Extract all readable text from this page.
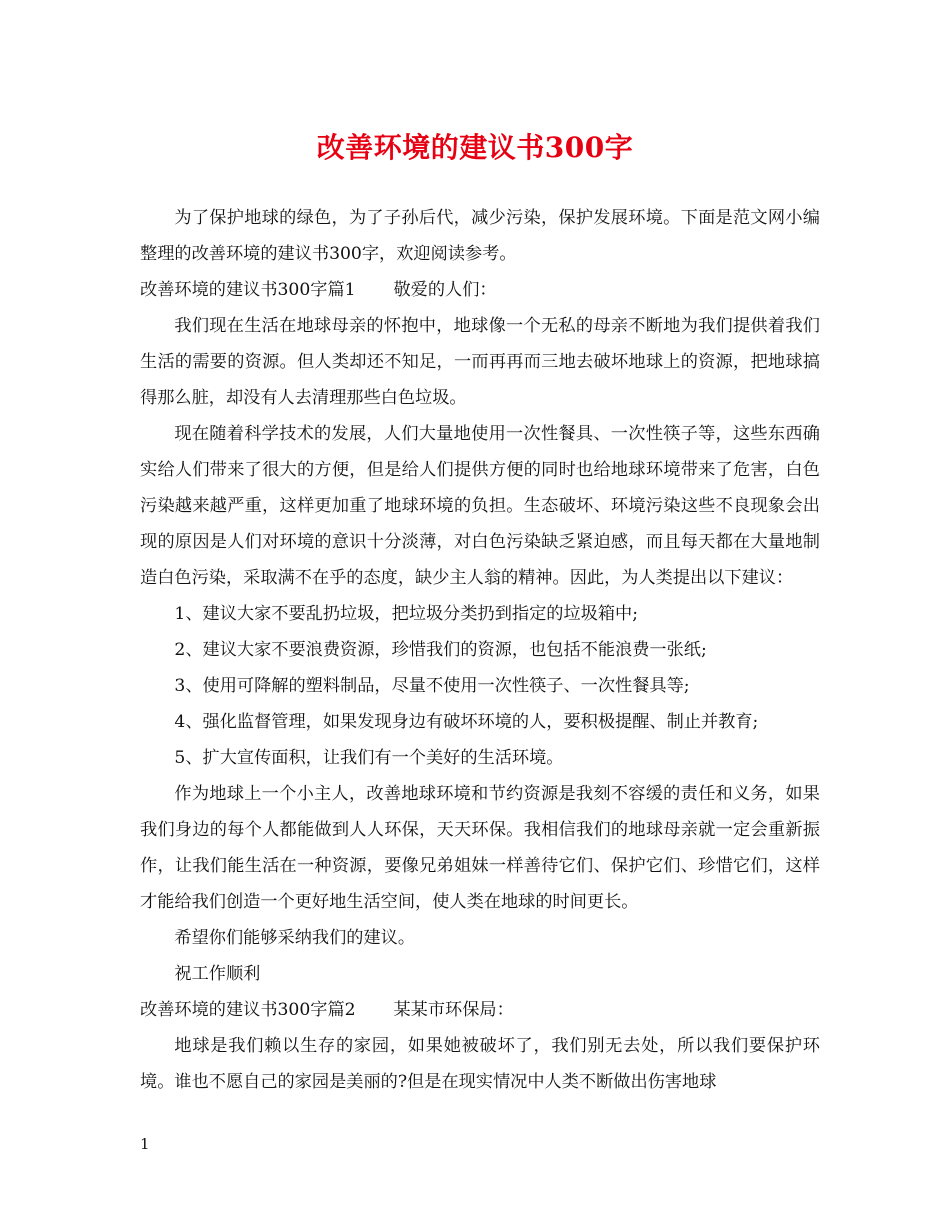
改善环境的建议书300字

为了保护地球的绿色，为了子孙后代，减少污染，保护发展环境。下面是范文网小编整理的改善环境的建议书300字，欢迎阅读参考。

改善环境的建议书300字篇1 敬爱的人们：

我们现在生活在地球母亲的怀抱中，地球像一个无私的母亲不断地为我们提供着我们生活的需要的资源。但人类却还不知足，一而再再而三地去破坏地球上的资源，把地球搞得那么脏，却没有人去清理那些白色垃圾。

现在随着科学技术的发展，人们大量地使用一次性餐具、一次性筷子等，这些东西确实给人们带来了很大的方便，但是给人们提供方便的同时也给地球环境带来了危害，白色污染越来越严重，这样更加重了地球环境的负担。生态破坏、环境污染这些不良现象会出现的原因是人们对环境的意识十分淡薄，对白色污染缺乏紧迫感，而且每天都在大量地制造白色污染，采取满不在乎的态度，缺少主人翁的精神。因此，为人类提出以下建议：

1、建议大家不要乱扔垃圾，把垃圾分类扔到指定的垃圾箱中;

2、建议大家不要浪费资源，珍惜我们的资源，也包括不能浪费一张纸;

3、使用可降解的塑料制品，尽量不使用一次性筷子、一次性餐具等;

4、强化监督管理，如果发现身边有破坏环境的人，要积极提醒、制止并教育;

5、扩大宣传面积，让我们有一个美好的生活环境。

作为地球上一个小主人，改善地球环境和节约资源是我刻不容缓的责任和义务，如果我们身边的每个人都能做到人人环保，天天环保。我相信我们的地球母亲就一定会重新振作，让我们能生活在一种资源，要像兄弟姐妹一样善待它们、保护它们、珍惜它们，这样才能给我们创造一个更好地生活空间，使人类在地球的时间更长。

希望你们能够采纳我们的建议。

祝工作顺利

改善环境的建议书300字篇2 某某市环保局：

地球是我们赖以生存的家园，如果她被破坏了，我们别无去处，所以我们要保护环境。谁也不愿自己的家园是美丽的?但是在现实情况中人类不断做出伤害地球

1
